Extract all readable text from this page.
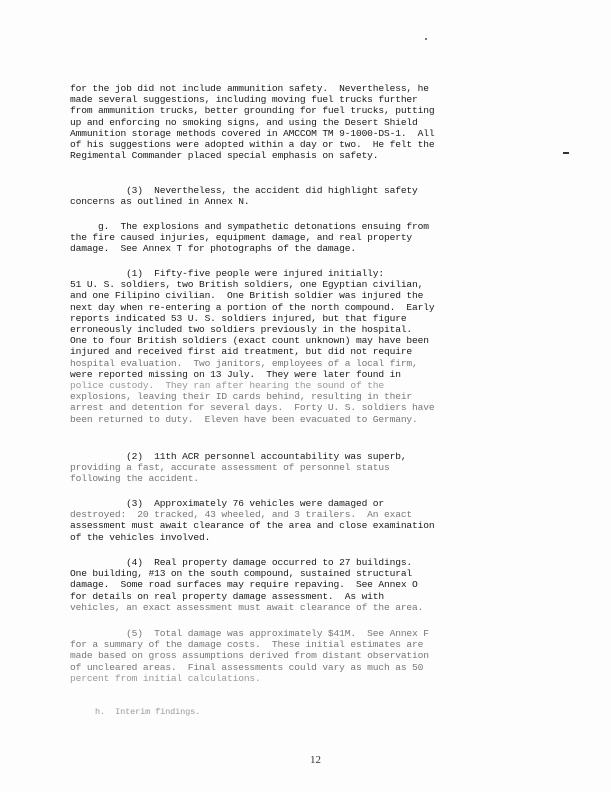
for the job did not include ammunition safety.  Nevertheless, he
made several suggestions, including moving fuel trucks further
from ammunition trucks, better grounding for fuel trucks, putting
up and enforcing no smoking signs, and using the Desert Shield
Ammunition storage methods covered in AMCCOM TM 9-1000-DS-1.  All
of his suggestions were adopted within a day or two.  He felt the
Regimental Commander placed special emphasis on safety.
(3)  Nevertheless, the accident did highlight safety
concerns as outlined in Annex N.
g.  The explosions and sympathetic detonations ensuing from
the fire caused injuries, equipment damage, and real property
damage.  See Annex T for photographs of the damage.
(1)  Fifty-five people were injured initially:
51 U. S. soldiers, two British soldiers, one Egyptian civilian,
and one Filipino civilian.  One British soldier was injured the
next day when re-entering a portion of the north compound.  Early
reports indicated 53 U. S. soldiers injured, but that figure
erroneously included two soldiers previously in the hospital.
One to four British soldiers (exact count unknown) may have been
injured and received first aid treatment, but did not require
hospital evaluation.  Two janitors, employees of a local firm,
were reported missing on 13 July.  They were later found in
police custody.  They ran after hearing the sound of the
explosions, leaving their ID cards behind, resulting in their
arrest and detention for several days.  Forty U. S. soldiers have
been returned to duty.  Eleven have been evacuated to Germany.
(2)  11th ACR personnel accountability was superb,
providing a fast, accurate assessment of personnel status
following the accident.
(3)  Approximately 76 vehicles were damaged or
destroyed:  20 tracked, 43 wheeled, and 3 trailers.  An exact
assessment must await clearance of the area and close examination
of the vehicles involved.
(4)  Real property damage occurred to 27 buildings.
One building, #13 on the south compound, sustained structural
damage.  Some road surfaces may require repaving.  See Annex O
for details on real property damage assessment.  As with
vehicles, an exact assessment must await clearance of the area.
(5)  Total damage was approximately $41M.  See Annex F
for a summary of the damage costs.  These initial estimates are
made based on gross assumptions derived from distant observation
of uncleared areas.  Final assessments could vary as much as 50
percent from initial calculations.
h.  Interim findings.
12
